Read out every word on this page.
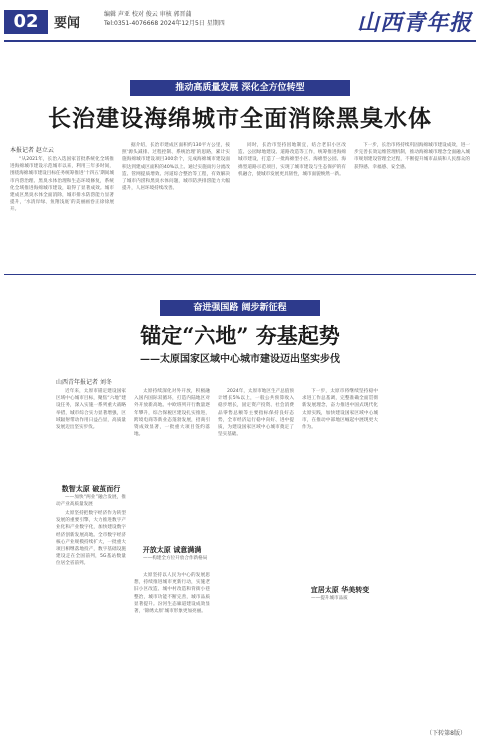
02	要闻
编辑 声亚 校对 俊云 审核 郭晋蒲
Tel:0351-4076668 2024年12月5日 星期四	山西青年报
推动高质量发展 深化全方位转型
长治建设海绵城市全面消除黑臭水体
本报记者 赵立云

“从2021年，长治入选国家首批系统化全域推进海绵城市建设示范城市以来，利用三年多时间，围绕海绵城市建设目标任务统筹推进‘十四五’期间城市内涝治理、黑臭水体治理和生态环境修复，系统化全域推进海绵城市建设，取得了显著成效。城市建成区黑臭水体全面消除，城市排水防涝能力显著提升，‘水清岸绿、鱼翔浅底’的美丽画卷正徐徐展开。

据介绍，长治市建成区面积约130平方公里，按照‘源头减排、过程控制、系统治理’的思路，累计实施海绵城市建设项目300余个，完成海绵城市建设面积达到建成区面积的40%以上。通过实施雨污分流改造、管网提质增效、河道综合整治等工程，有效解决了城市内涝和黑臭水体问题，城市防洪排涝能力大幅提升，人居环境持续改善。

同时，长治市坚持因地制宜，结合老旧小区改造、公园绿地建设、道路改造等工作，统筹推进海绵城市建设，打造了一批海绵型小区、海绵型公园、海绵型道路示范项目，实现了城市建设与生态保护的有机融合，使城市发展更具韧性，城市面貌焕然一新。

下一步，长治市将持续巩固海绵城市建设成效，进一步完善长效运维管理机制，推动海绵城市理念全面融入城市规划建设管理全过程，不断提升城市品质和人民群众的获得感、幸福感、安全感。

奋进强国路 阔步新征程
锚定“六地” 夯基起势
——太原国家区域中心城市建设迈出坚实步伐
山西青年报记者 刘冬

近年来，太原市锚定建设国家区域中心城市目标，聚焦“六地”建设任务，深入实施一系列重大战略举措，城市综合实力显著增强，区域辐射带动作用日益凸显，高质量发展迈出坚实步伐。

数智太原 破茧而行

——加快“两业”融合发展，推动产业高质量发展

太原坚持把数字经济作为转型发展的重要引擎，大力推进数字产业化和产业数字化，加快建设数字经济创新发展高地。全市数字经济核心产业规模持续扩大，一批重大项目相继落地投产，数字基础设施建设走在全国前列，5G基站数量位居全省前列。

太原持续深化对外开放，积极融入国内国际双循环，打造内陆地区对外开放新高地。中欧班列开行数量逐年攀升，综合保税区建设扎实推进，跨境电商等新业态蓬勃发展，招商引资成效显著，一批重大项目签约落地。

开放太原 诚意满满

——构建全方位开放合作新格局

太原坚持以人民为中心的发展思想，持续推进城市更新行动，实施老旧小区改造、城中村改造和背街小巷整治，城市功能不断完善，城市品质显著提升。汾河生态廊道建设成效显著，‘锦绣太原’城市形象更加亮丽。

2024年，太原市地区生产总值预计增长5%以上，一般公共预算收入稳步增长，固定资产投资、社会消费品零售总额等主要指标保持良好态势，全市经济运行稳中向好、进中提质，为建设国家区域中心城市奠定了坚实基础。

下一步，太原市将继续坚持稳中求进工作总基调，完整准确全面贯彻新发展理念，奋力推进中国式现代化太原实践，加快建设国家区域中心城市，在推动中部地区崛起中展现更大作为。

宜居太原 华美转变

——提升城市品质

（下转第8版）
